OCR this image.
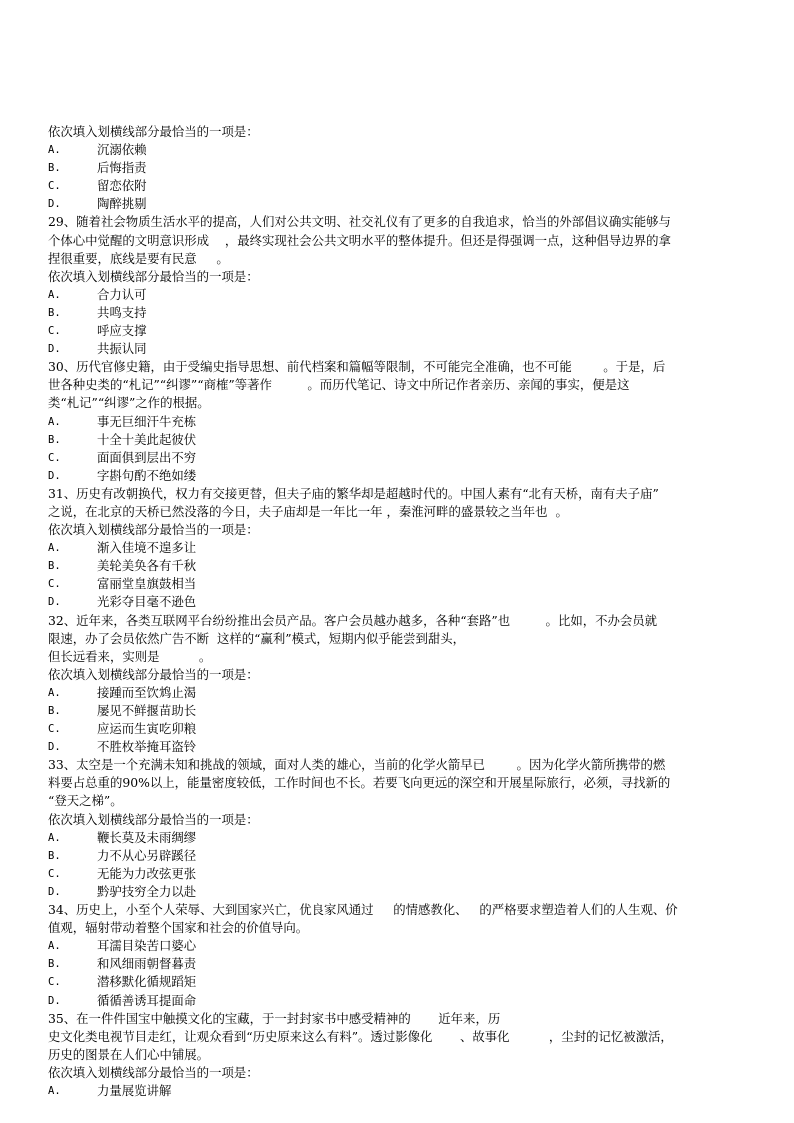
依次填入划横线部分最恰当的一项是：
A.	沉溺依赖
B.	后悔指责
C.	留恋依附
D.	陶醉挑剔
29、随着社会物质生活水平的提高，人们对公共文明、社交礼仪有了更多的自我追求，恰当的外部倡议确实能够与
个体心中觉醒的文明意识形成    ，最终实现社会公共文明水平的整体提升。但还是得强调一点，这种倡导边界的拿
捏很重要，底线是要有民意     。
依次填入划横线部分最恰当的一项是：
A.	合力认可
B.	共鸣支持
C.	呼应支撑
D.	共振认同
30、历代官修史籍，由于受编史指导思想、前代档案和篇幅等限制，不可能完全准确，也不可能        。于是，后
世各种史类的“札记”“纠谬”“商榷”等著作         。而历代笔记、诗文中所记作者亲历、亲闻的事实，便是这
类“札记”“纠谬”之作的根据。
A.	事无巨细汗牛充栋
B.	十全十美此起彼伏
C.	面面俱到层出不穷
D.	字斟句酌不绝如缕
31、历史有改朝换代，权力有交接更替，但夫子庙的繁华却是超越时代的。中国人素有“北有天桥，南有夫子庙”
之说，在北京的天桥已然没落的今日，夫子庙却是一年比一年 ，秦淮河畔的盛景较之当年也  。
依次填入划横线部分最恰当的一项是：
A.	渐入佳境不遑多让
B.	美轮美奂各有千秋
C.	富丽堂皇旗鼓相当
D.	光彩夺目毫不逊色
32、近年来，各类互联网平台纷纷推出会员产品。客户会员越办越多，各种“套路”也         。比如，不办会员就
限速，办了会员依然广告不断  这样的“赢利”模式，短期内似乎能尝到甜头，
但长远看来，实则是          。
依次填入划横线部分最恰当的一项是：
A.	接踵而至饮鸩止渴
B.	屡见不鲜揠苗助长
C.	应运而生寅吃卯粮
D.	不胜枚举掩耳盗铃
33、太空是一个充满未知和挑战的领域，面对人类的雄心，当前的化学火箭早已        。因为化学火箭所携带的燃
料要占总重的90%以上，能量密度较低，工作时间也不长。若要飞向更远的深空和开展星际旅行，必须，寻找新的
“登天之梯”。
依次填入划横线部分最恰当的一项是：
A.	鞭长莫及未雨绸缪
B.	力不从心另辟蹊径
C.	无能为力改弦更张
D.	黔驴技穷全力以赴
34、历史上，小至个人荣辱、大到国家兴亡，优良家风通过     的情感教化、   的严格要求塑造着人们的人生观、价
值观，辐射带动着整个国家和社会的价值导向。
A.	耳濡目染苦口婆心
B.	和风细雨朝督暮责
C.	潜移默化循规蹈矩
D.	循循善诱耳提面命
35、在一件件国宝中触摸文化的宝藏，于一封封家书中感受精神的       近年来，历
史文化类电视节目走红，让观众看到“历史原来这么有料”。透过影像化       、故事化          ，尘封的记忆被激活，
历史的图景在人们心中铺展。
依次填入划横线部分最恰当的一项是：
A.	力量展览讲解
